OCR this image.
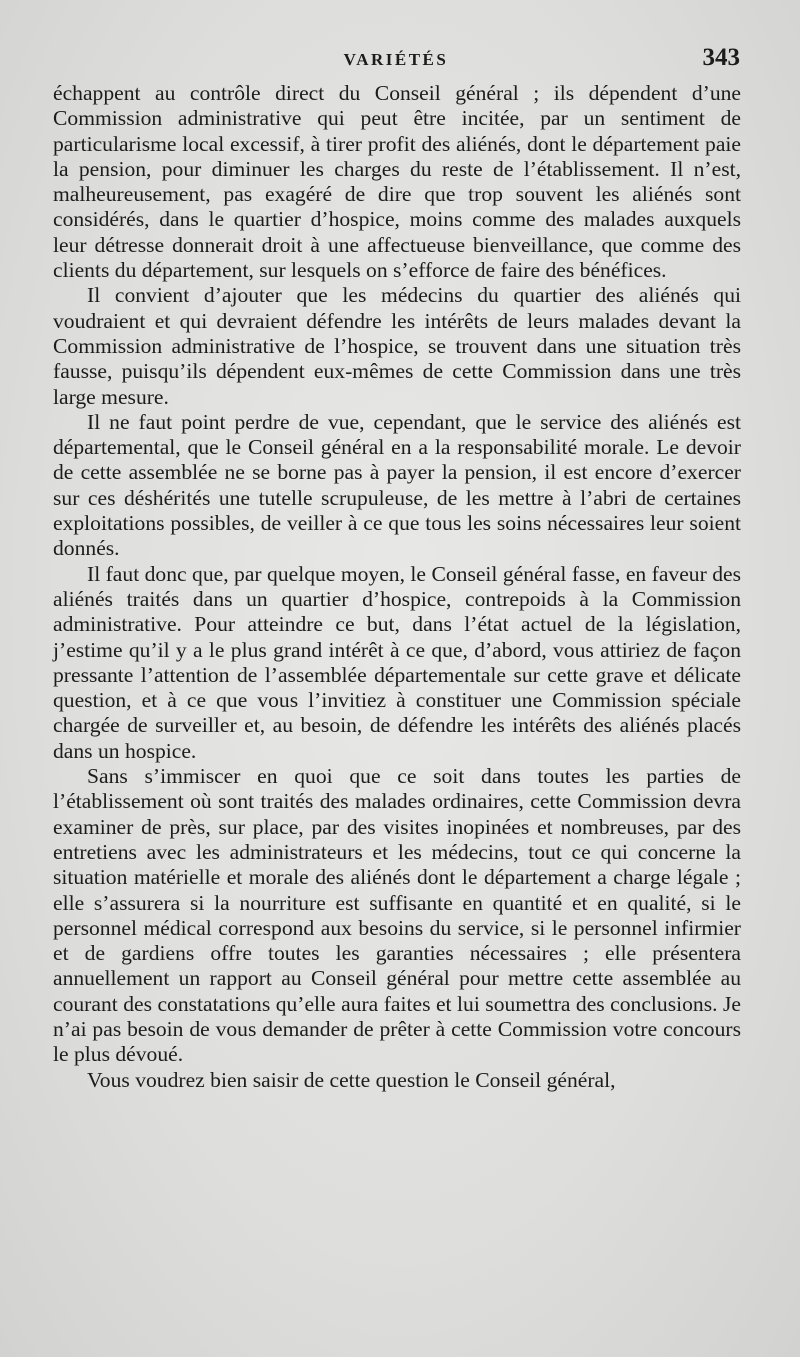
VARIÉTÉS	343

échappent au contrôle direct du Conseil général ; ils dépendent d’une Commission administrative qui peut être incitée, par un sentiment de particularisme local excessif, à tirer profit des aliénés, dont le département paie la pension, pour diminuer les charges du reste de l’établissement. Il n’est, malheureusement, pas exagéré de dire que trop souvent les aliénés sont considérés, dans le quartier d’hospice, moins comme des malades auxquels leur détresse donnerait droit à une affectueuse bienveillance, que comme des clients du département, sur lesquels on s’efforce de faire des bénéfices.

Il convient d’ajouter que les médecins du quartier des aliénés qui voudraient et qui devraient défendre les intérêts de leurs malades devant la Commission administrative de l’hospice, se trouvent dans une situation très fausse, puisqu’ils dépendent eux-mêmes de cette Commission dans une très large mesure.

Il ne faut point perdre de vue, cependant, que le service des aliénés est départemental, que le Conseil général en a la responsabilité morale. Le devoir de cette assemblée ne se borne pas à payer la pension, il est encore d’exercer sur ces déshérités une tutelle scrupuleuse, de les mettre à l’abri de certaines exploitations possibles, de veiller à ce que tous les soins nécessaires leur soient donnés.

Il faut donc que, par quelque moyen, le Conseil général fasse, en faveur des aliénés traités dans un quartier d’hospice, contrepoids à la Commission administrative. Pour atteindre ce but, dans l’état actuel de la législation, j’estime qu’il y a le plus grand intérêt à ce que, d’abord, vous attiriez de façon pressante l’attention de l’assemblée départementale sur cette grave et délicate question, et à ce que vous l’invitiez à constituer une Commission spéciale chargée de surveiller et, au besoin, de défendre les intérêts des aliénés placés dans un hospice.

Sans s’immiscer en quoi que ce soit dans toutes les parties de l’établissement où sont traités des malades ordinaires, cette Commission devra examiner de près, sur place, par des visites inopinées et nombreuses, par des entretiens avec les administrateurs et les médecins, tout ce qui concerne la situation matérielle et morale des aliénés dont le département a charge légale ; elle s’assurera si la nourriture est suffisante en quantité et en qualité, si le personnel médical correspond aux besoins du service, si le personnel infirmier et de gardiens offre toutes les garanties nécessaires ; elle présentera annuellement un rapport au Conseil général pour mettre cette assemblée au courant des constatations qu’elle aura faites et lui soumettra des conclusions. Je n’ai pas besoin de vous demander de prêter à cette Commission votre concours le plus dévoué.

Vous voudrez bien saisir de cette question le Conseil général,
